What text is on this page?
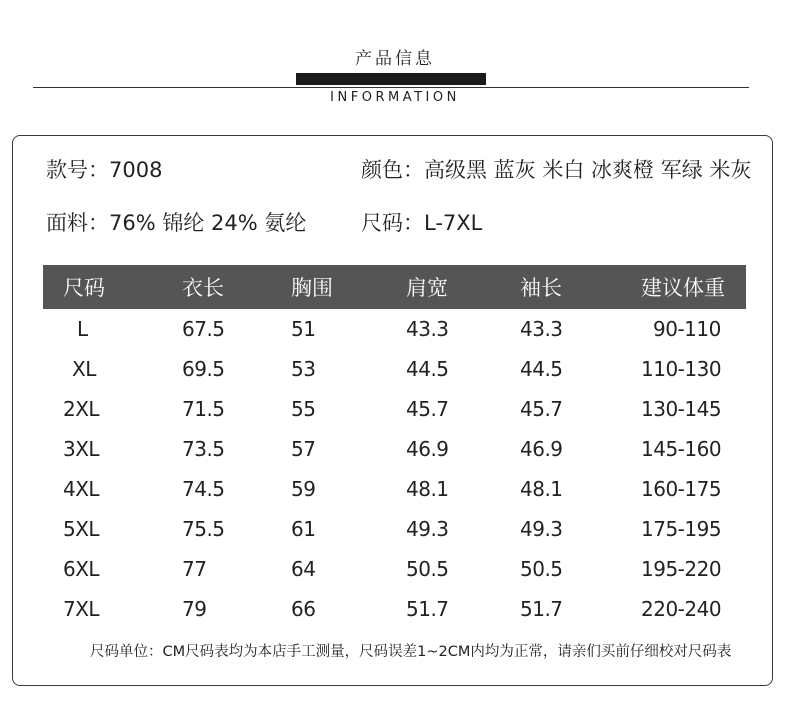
产品信息
INFORMATION
款号：7008	颜色：高级黑 蓝灰 米白 冰爽橙 军绿 米灰
面料：76% 锦纶 24% 氨纶	尺码：L-7XL
尺码	衣长	胸围	肩宽	袖长	建议体重
L	67.5	51	43.3	43.3	90-110
XL	69.5	53	44.5	44.5	110-130
2XL	71.5	55	45.7	45.7	130-145
3XL	73.5	57	46.9	46.9	145-160
4XL	74.5	59	48.1	48.1	160-175
5XL	75.5	61	49.3	49.3	175-195
6XL	77	64	50.5	50.5	195-220
7XL	79	66	51.7	51.7	220-240
尺码单位：CM尺码表均为本店手工测量，尺码误差1~2CM内均为正常，请亲们买前仔细校对尺码表
